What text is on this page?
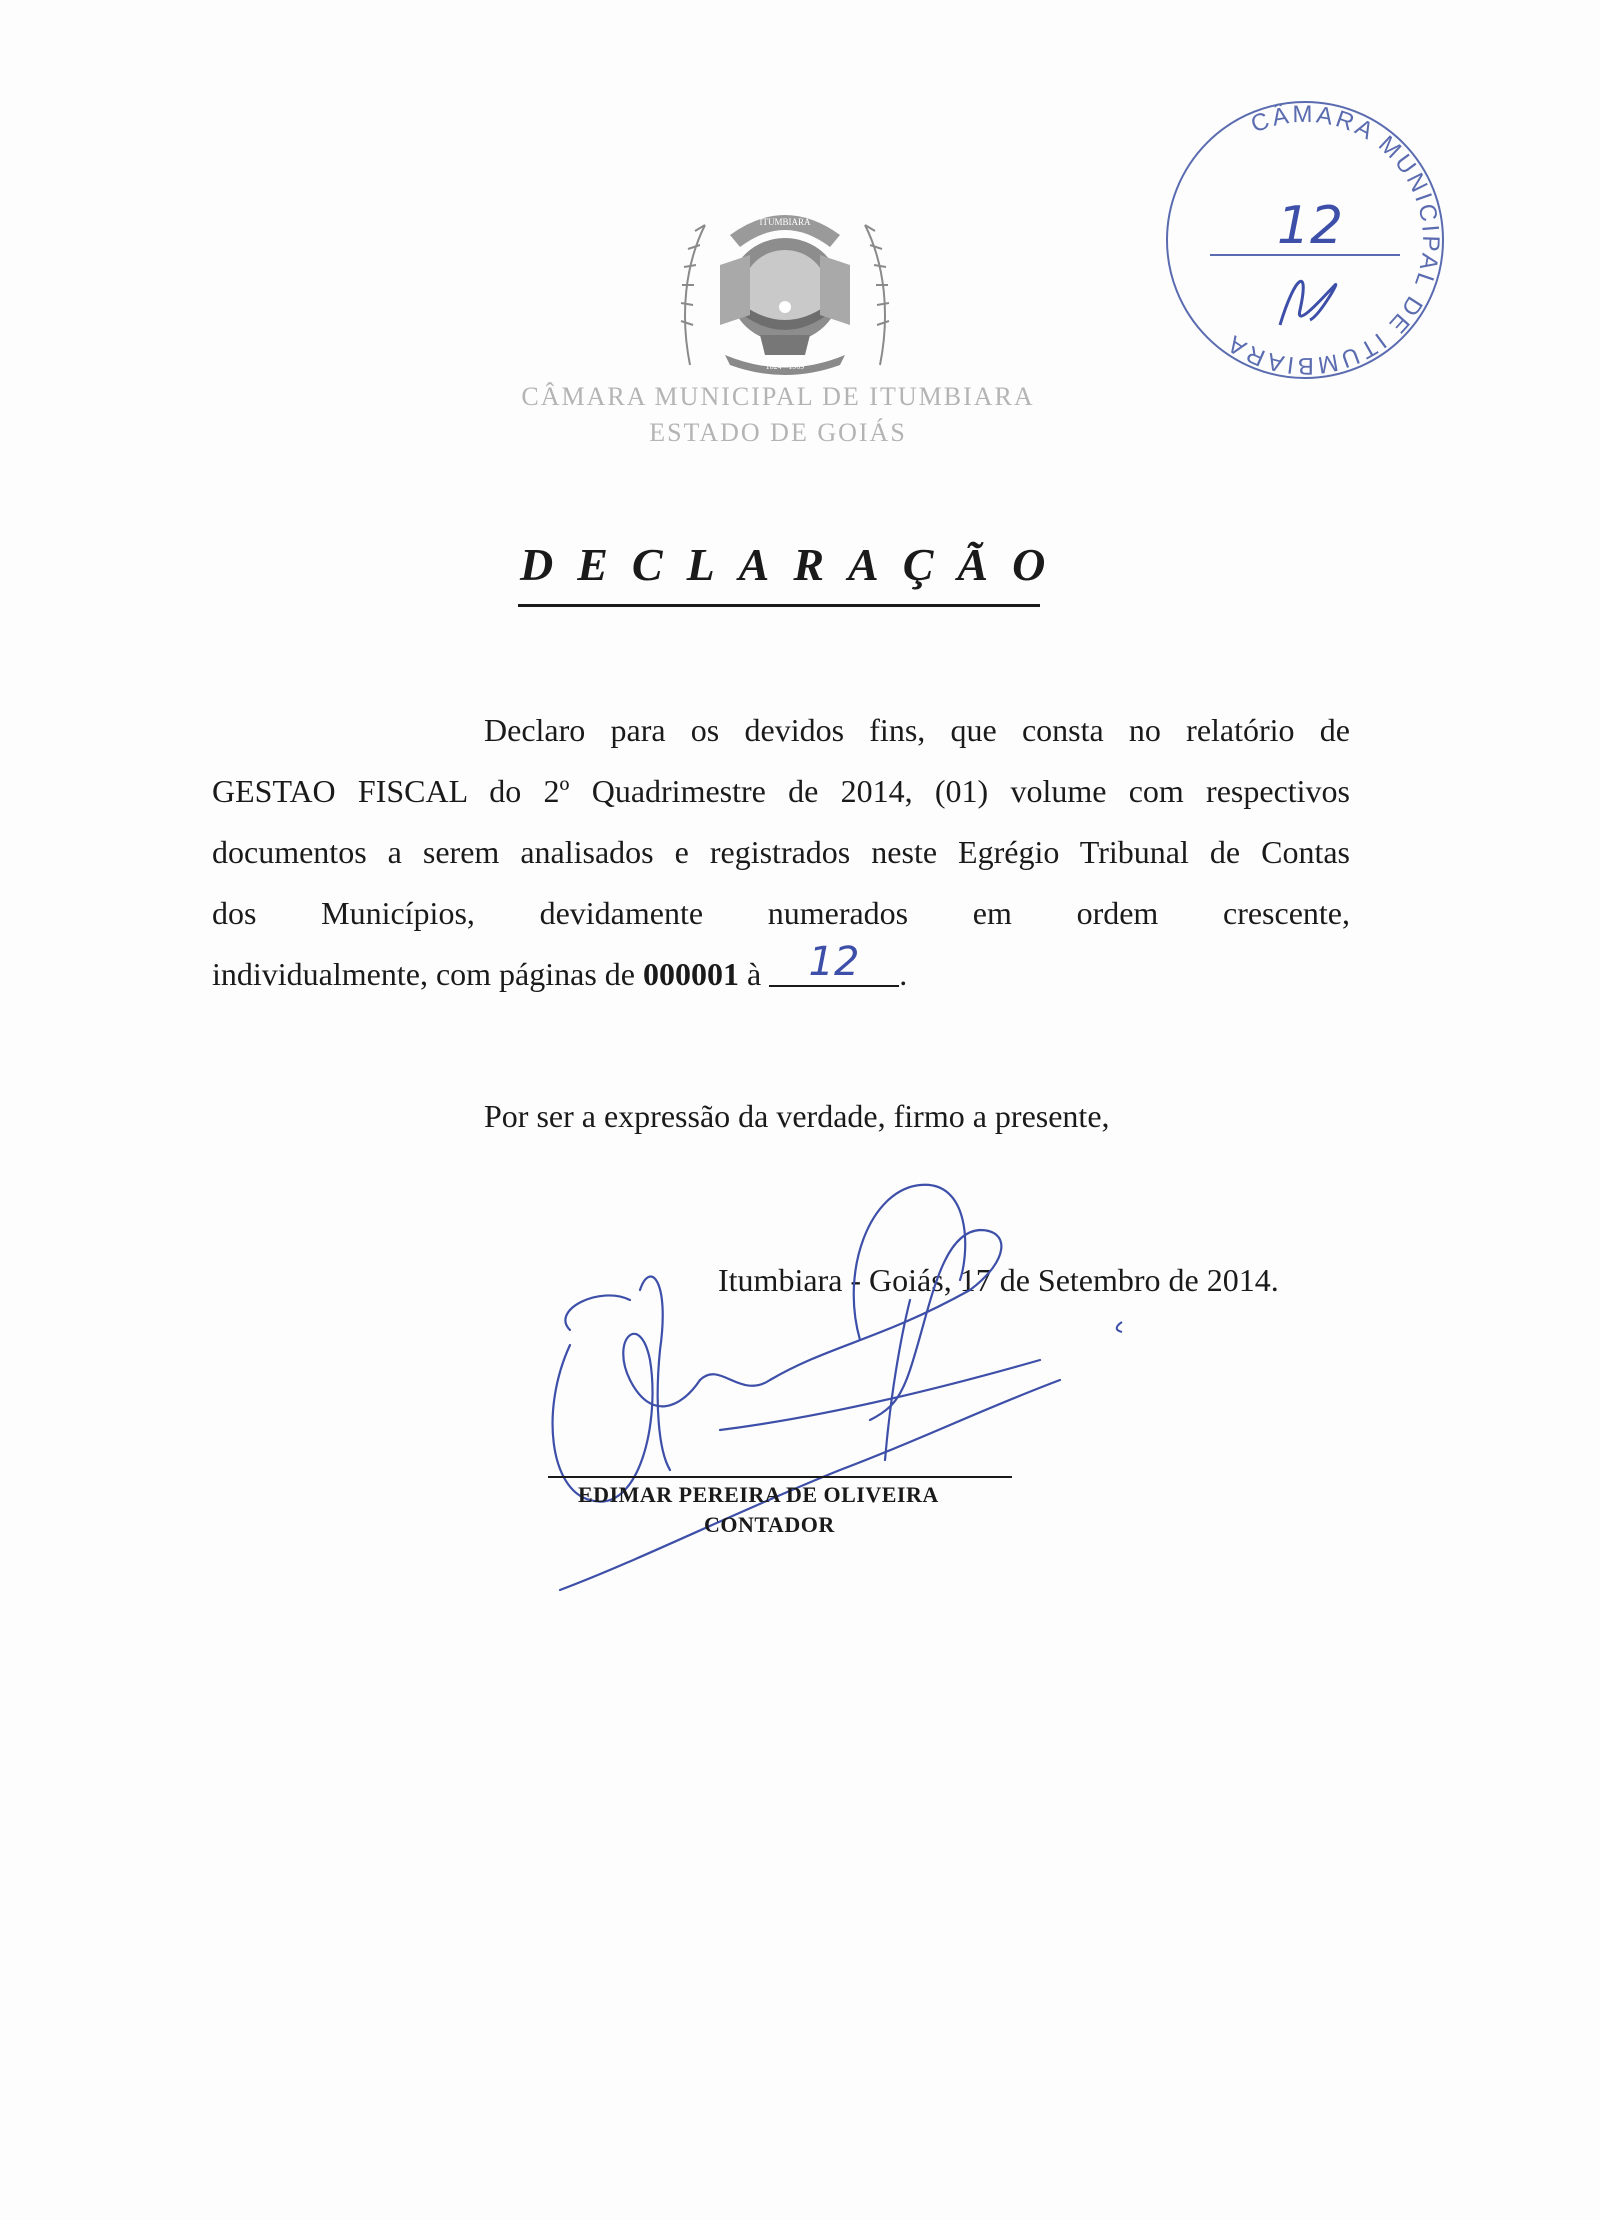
ITUMBIARA
1824 - 1909
CÂMARA MUNICIPAL DE ITUMBIARA
ESTADO DE GOIÁS
CÂMARA MUNICIPAL DE ITUMBIARA
12
DECLARAÇÃO

Declaro para os devidos fins, que consta no relatório de
GESTAO FISCAL do 2º Quadrimestre de 2014, (01) volume com respectivos
documentos a serem analisados e registrados neste Egrégio Tribunal de Contas
dos Municípios, devidamente numerados em ordem crescente,
individualmente, com páginas de 000001 à 12 .

Por ser a expressão da verdade, firmo a presente,
Itumbiara - Goiás, 17 de Setembro de 2014.
EDIMAR PEREIRA DE OLIVEIRA
CONTADOR
